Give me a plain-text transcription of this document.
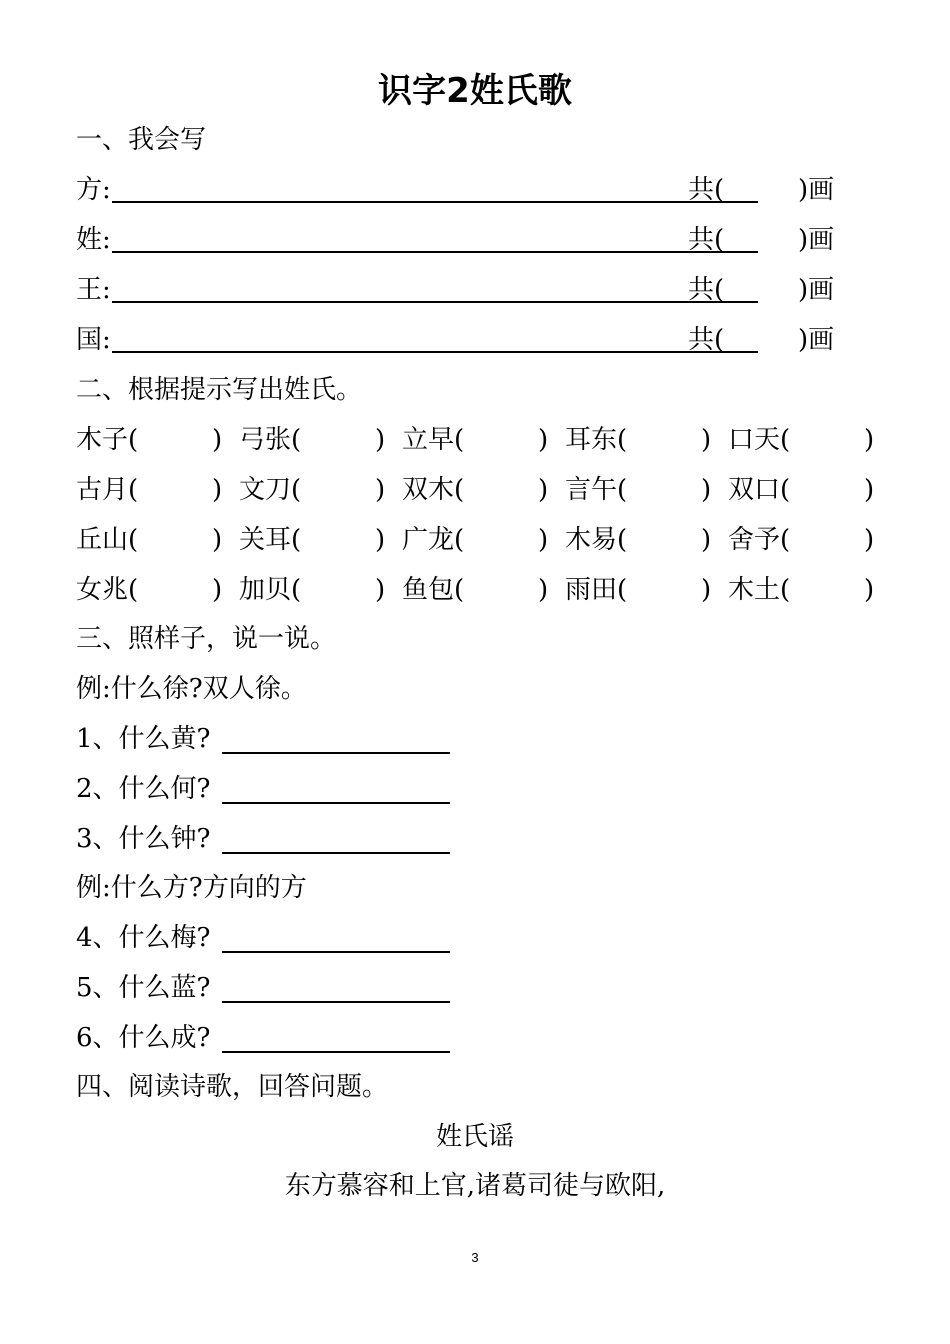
识字2姓氏歌
一、我会写
方:	共(	)画
姓:	共(	)画
王:	共(	)画
国:	共(	)画
二、根据提示写出姓氏。
木子(	) 弓张(	) 立早(	) 耳东(	) 口天(	)
古月(	) 文刀(	) 双木(	) 言午(	) 双口(	)
丘山(	) 关耳(	) 广龙(	) 木易(	) 舍予(	)
女兆(	) 加贝(	) 鱼包(	) 雨田(	) 木土(	)
三、照样子，说一说。
例:什么徐?双人徐。
1、什么黄?
2、什么何?
3、什么钟?
例:什么方?方向的方
4、什么梅?
5、什么蓝?
6、什么成?
四、阅读诗歌，回答问题。
姓氏谣
东方慕容和上官,诸葛司徒与欧阳,
3
